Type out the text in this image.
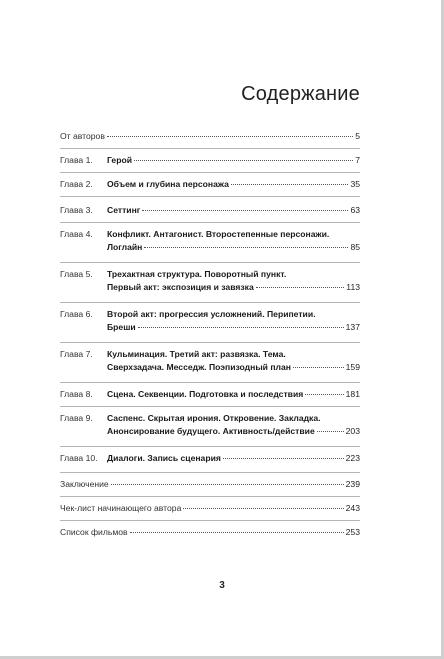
Содержание
От авторов	5
Глава 1. Герой	7
Глава 2. Объем и глубина персонажа	35
Глава 3. Сеттинг	63
Глава 4. Конфликт. Антагонист. Второстепенные персонажи.
Логлайн	85
Глава 5. Трехактная структура. Поворотный пункт.
Первый акт: экспозиция и завязка	113
Глава 6. Второй акт: прогрессия усложнений. Перипетии.
Бреши	137
Глава 7. Кульминация. Третий акт: развязка. Тема.
Сверхзадача. Месседж. Поэпизодный план	159
Глава 8. Сцена. Секвенции. Подготовка и последствия	181
Глава 9. Саспенс. Скрытая ирония. Откровение. Закладка.
Анонсирование будущего. Активность/действие	203
Глава 10. Диалоги. Запись сценария	223
Заключение	239
Чек-лист начинающего автора	243
Список фильмов	253
3
